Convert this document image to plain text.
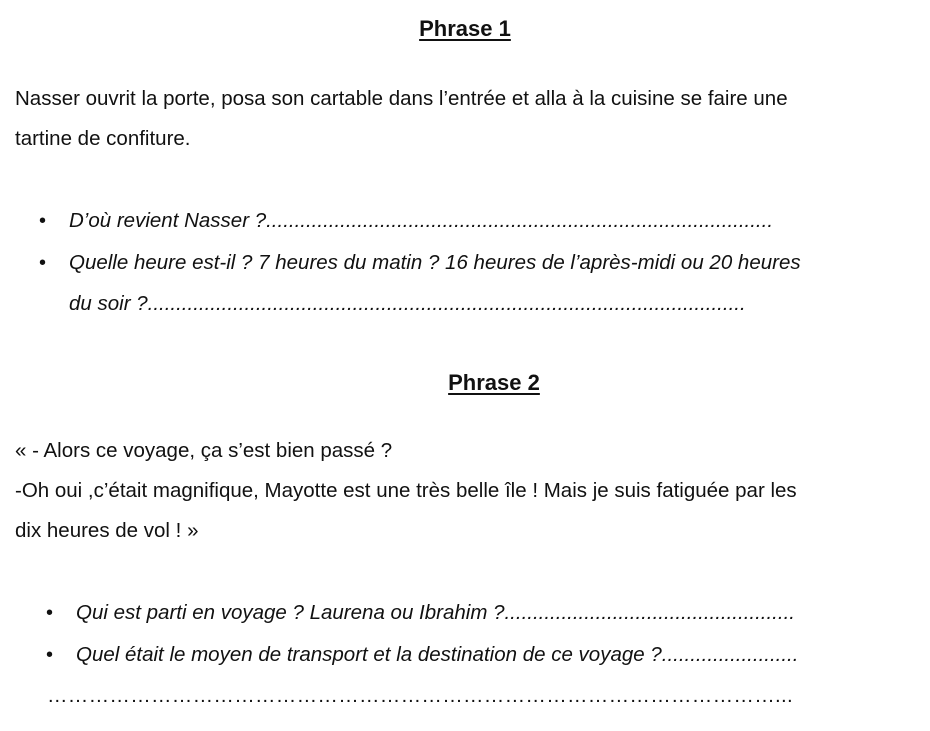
Phrase 1
Nasser ouvrit la porte, posa son cartable dans l’entrée et alla à la cuisine se faire une
tartine de confiture.
• D’où revient Nasser ?.........................................................................................
• Quelle heure est-il ? 7 heures du matin ? 16 heures de l’après-midi ou 20 heures
du soir ?.........................................................................................................
Phrase 2
« - Alors ce voyage, ça s’est bien passé ?
-Oh oui ,c’était magnifique, Mayotte est une très belle île ! Mais je suis fatiguée par les
dix heures de vol ! »
• Qui est parti en voyage ? Laurena ou Ibrahim ?...................................................
• Quel était le moyen de transport et la destination de ce voyage ?........................
……………………………………………………………………………………………...
